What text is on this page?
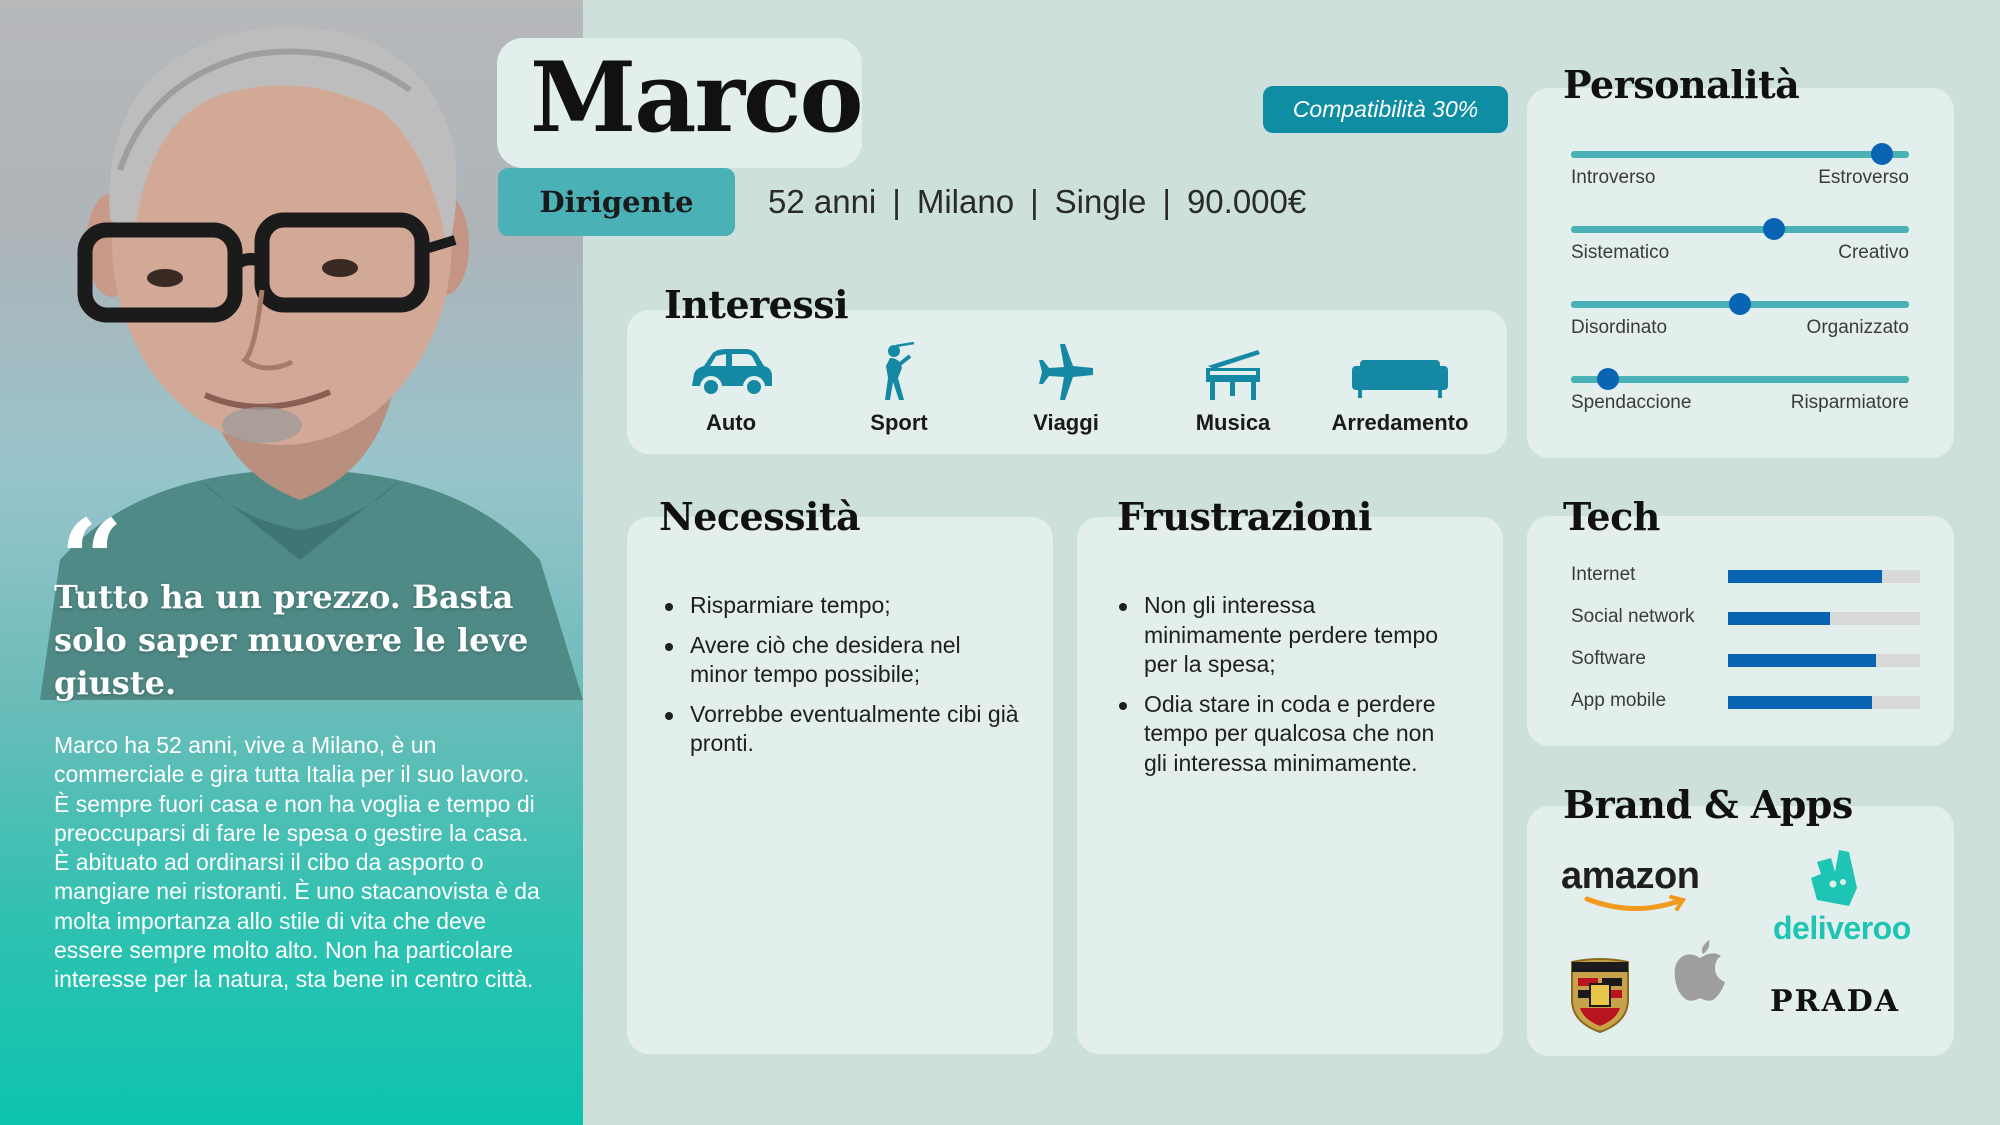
“
Tutto ha un prezzo. Basta solo saper muovere le leve giuste.
Marco ha 52 anni, vive a Milano, è un commerciale e gira tutta Italia per il suo lavoro. È sempre fuori casa e non ha voglia e tempo di preoccuparsi di fare le spesa o gestire la casa. È abituato ad ordinarsi il cibo da asporto o mangiare nei ristoranti. È uno stacanovista è da molta importanza allo stile di vita che deve essere sempre molto alto. Non ha particolare interesse per la natura, sta bene in centro città.
Marco	Compatibilità 30%
Dirigente	52 anni | Milano | Single | 90.000€
Interessi
Auto	Sport	Viaggi	Musica	Arredamento
Personalità
Introverso	Estroverso
Sistematico	Creativo
Disordinato	Organizzato
Spendaccione	Risparmiatore
Necessità
Risparmiare tempo;
Avere ciò che desidera nel minor tempo possibile;
Vorrebbe eventualmente cibi già pronti.
Frustrazioni
Non gli interessa minimamente perdere tempo per la spesa;
Odia stare in coda e perdere tempo per qualcosa che non gli interessa minimamente.
Tech
Internet
Social network
Software
App mobile
Brand & Apps
amazon
deliveroo
PRADA
